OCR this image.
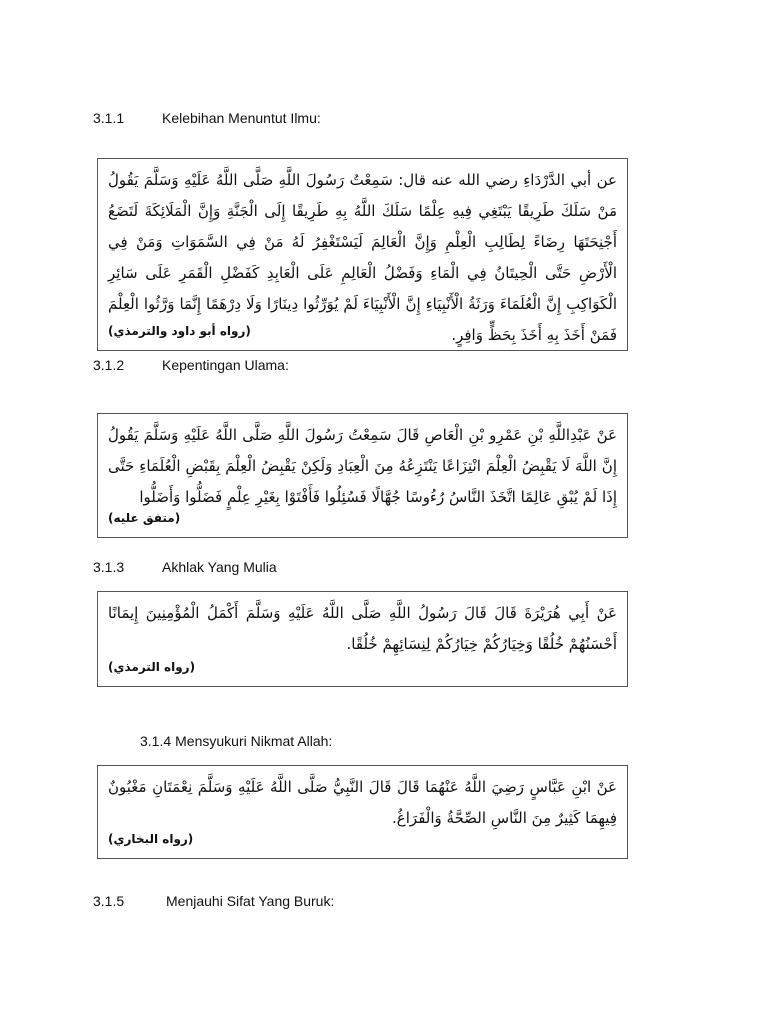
3.1.1	Kelebihan Menuntut Ilmu:

عن أبي الدَّرْدَاءِ رضي الله عنه قال: سَمِعْتُ رَسُولَ اللَّهِ صَلَّى اللَّهُ عَلَيْهِ وَسَلَّمَ يَقُولُ مَنْ سَلَكَ طَرِيقًا يَبْتَغِي فِيهِ عِلْمًا سَلَكَ اللَّهُ بِهِ طَرِيقًا إِلَى الْجَنَّةِ وَإِنَّ الْمَلَائِكَةَ لَتَضَعُ أَجْنِحَتَهَا رِضَاءً لِطَالِبِ الْعِلْمِ وَإِنَّ الْعَالِمَ لَيَسْتَغْفِرُ لَهُ مَنْ فِي السَّمَوَاتِ وَمَنْ فِي الْأَرْضِ حَتَّى الْحِيتَانُ فِي الْمَاءِ وَفَضْلُ الْعَالِمِ عَلَى الْعَابِدِ كَفَضْلِ الْقَمَرِ عَلَى سَائِرِ الْكَوَاكِبِ إِنَّ الْعُلَمَاءَ وَرَثَةُ الْأَنْبِيَاءِ إِنَّ الْأَنْبِيَاءَ لَمْ يُوَرِّثُوا دِينَارًا وَلَا دِرْهَمًا إِنَّمَا وَرَّثُوا الْعِلْمَ فَمَنْ أَخَذَ بِهِ أَخَذَ بِحَظٍّ وَافِرٍ.

(رواه أبو داود والترمذي)
3.1.2	Kepentingan Ulama:

عَنْ عَبْدِاللَّهِ بْنِ عَمْرِو بْنِ الْعَاصِ قَالَ سَمِعْتُ رَسُولَ اللَّهِ صَلَّى اللَّهُ عَلَيْهِ وَسَلَّمَ يَقُولُ إِنَّ اللَّهَ لَا يَقْبِضُ الْعِلْمَ انْتِزَاعًا يَنْتَزِعُهُ مِنَ الْعِبَادِ وَلَكِنْ يَقْبِضُ الْعِلْمَ بِقَبْضِ الْعُلَمَاءِ حَتَّى إِذَا لَمْ يُبْقِ عَالِمًا اتَّخَذَ النَّاسُ رُءُوسًا جُهَّالًا فَسُئِلُوا فَأَفْتَوْا بِغَيْرِ عِلْمٍ فَضَلُّوا وَأَضَلُّوا

(متفق عليه)
3.1.3	Akhlak Yang Mulia

عَنْ أَبِي هُرَيْرَةَ قَالَ قَالَ رَسُولُ اللَّهِ صَلَّى اللَّهُ عَلَيْهِ وَسَلَّمَ أَكْمَلُ الْمُؤْمِنِينَ إِيمَانًا أَحْسَنُهُمْ خُلُقًا وَخِيَارُكُمْ خِيَارُكُمْ لِنِسَائِهِمْ خُلُقًا.

(رواه الترمذي)
3.1.4 Mensyukuri Nikmat Allah:

عَنْ ابْنِ عَبَّاسٍ رَضِيَ اللَّهُ عَنْهُمَا قَالَ قَالَ النَّبِيُّ صَلَّى اللَّهُ عَلَيْهِ وَسَلَّمَ نِعْمَتَانِ مَغْبُونٌ فِيهِمَا كَثِيرٌ مِنَ النَّاسِ الصِّحَّةُ وَالْفَرَاغُ.

(رواه البخاري)
3.1.5	Menjauhi Sifat Yang Buruk:
